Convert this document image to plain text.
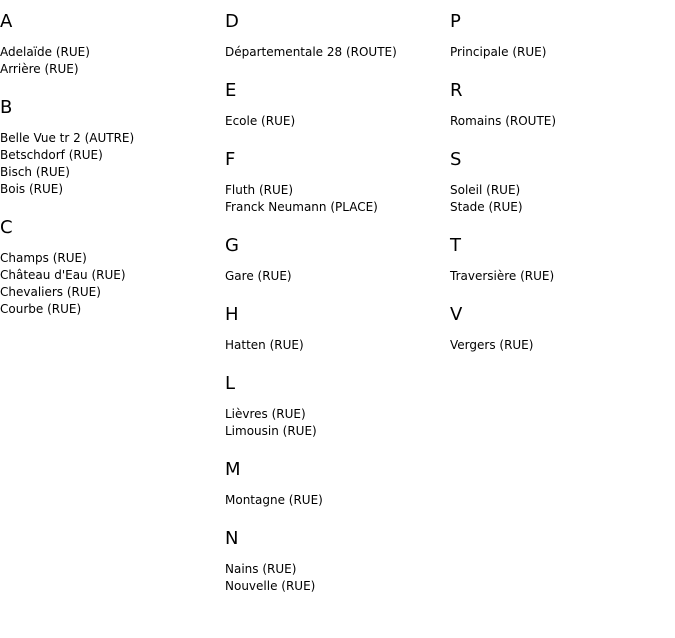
A
Adelaïde (RUE)
Arrière (RUE)
B
Belle Vue tr 2 (AUTRE)
Betschdorf (RUE)
Bisch (RUE)
Bois (RUE)
C
Champs (RUE)
Château d'Eau (RUE)
Chevaliers (RUE)
Courbe (RUE)
D
Départementale 28 (ROUTE)
E
Ecole (RUE)
F
Fluth (RUE)
Franck Neumann (PLACE)
G
Gare (RUE)
H
Hatten (RUE)
L
Lièvres (RUE)
Limousin (RUE)
M
Montagne (RUE)
N
Nains (RUE)
Nouvelle (RUE)
P
Principale (RUE)
R
Romains (ROUTE)
S
Soleil (RUE)
Stade (RUE)
T
Traversière (RUE)
V
Vergers (RUE)
